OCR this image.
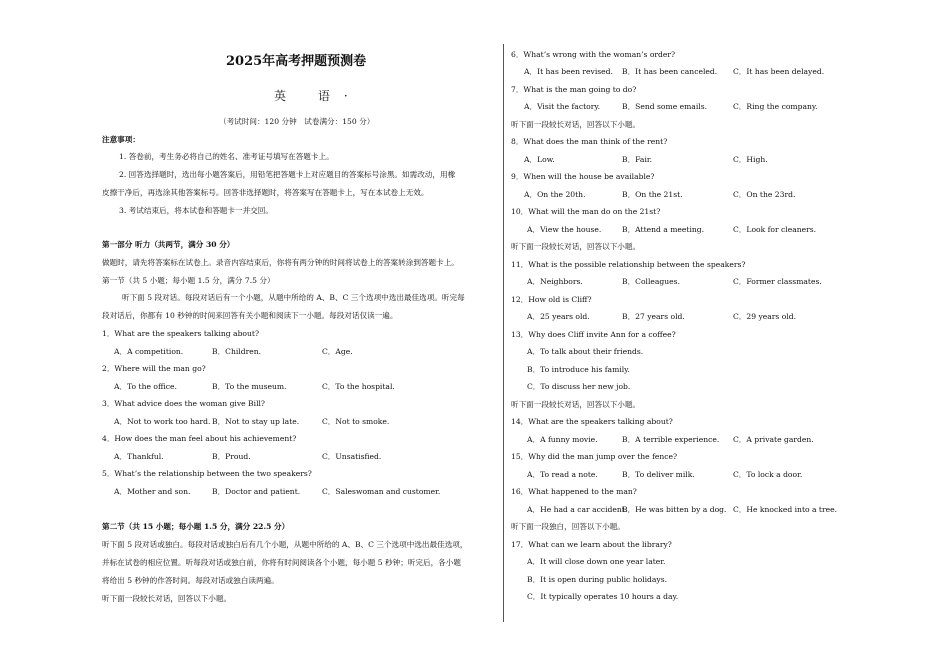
2025年高考押题预测卷
英 语·
（考试时间：120 分钟　试卷满分：150 分）
注意事项：
1. 答卷前，考生务必将自己的姓名、准考证号填写在答题卡上。
2. 回答选择题时，选出每小题答案后，用铅笔把答题卡上对应题目的答案标号涂黑。如需改动，用橡
皮擦干净后，再选涂其他答案标号。回答非选择题时，将答案写在答题卡上，写在本试卷上无效。
3. 考试结束后，将本试卷和答题卡一并交回。
第一部分 听力（共两节，满分 30 分）
做题时，请先将答案标在试卷上。录音内容结束后，你将有两分钟的时间将试卷上的答案转涂到答题卡上。
第一节（共 5 小题；每小题 1.5 分，满分 7.5 分）
听下面 5 段对话。每段对话后有一个小题，从题中所给的 A、B、C 三个选项中选出最佳选项。听完每
段对话后，你都有 10 秒钟的时间来回答有关小题和阅读下一小题。每段对话仅读一遍。
1．What are the speakers talking about?
A．A competition.	B．Children.	C．Age.
2．Where will the man go?
A．To the office.	B．To the museum.	C．To the hospital.
3．What advice does the woman give Bill?
A．Not to work too hard. B．Not to stay up late.	C．Not to smoke.
4．How does the man feel about his achievement?
A．Thankful.	B．Proud.	C．Unsatisfied.
5．What’s the relationship between the two speakers?
A．Mother and son.	B．Doctor and patient.	C．Saleswoman and customer.
第二节（共 15 小题；每小题 1.5 分，满分 22.5 分）
听下面 5 段对话或独白。每段对话或独白后有几个小题，从题中所给的 A、B、C 三个选项中选出最佳选项，
并标在试卷的相应位置。听每段对话或独白前，你将有时间阅读各个小题，每小题 5 秒钟；听完后，各小题
将给出 5 秒钟的作答时间。每段对话或独白读两遍。
听下面一段较长对话，回答以下小题。
6．What’s wrong with the woman’s order?
A．It has been revised. B．It has been canceled. C．It has been delayed.
7．What is the man going to do?
A．Visit the factory.	B．Send some emails.	C．Ring the company.
听下面一段较长对话，回答以下小题。
8．What does the man think of the rent?
A．Low.	B．Fair.	C．High.
9．When will the house be available?
A．On the 20th.	B．On the 21st.	C．On the 23rd.
10．What will the man do on the 21st?
A．View the house.	B．Attend a meeting.	C．Look for cleaners.
听下面一段较长对话，回答以下小题。
11．What is the possible relationship between the speakers?
A．Neighbors.	B．Colleagues.	C．Former classmates.
12．How old is Cliff?
A．25 years old.	B．27 years old.	C．29 years old.
13．Why does Cliff invite Ann for a coffee?
A．To talk about their friends.
B．To introduce his family.
C．To discuss her new job.
听下面一段较长对话，回答以下小题。
14．What are the speakers talking about?
A．A funny movie.	B．A terrible experience. C．A private garden.
15．Why did the man jump over the fence?
A．To read a note.	B．To deliver milk.	C．To lock a door.
16．What happened to the man?
A．He had a car accident.
B．He was bitten by a dog. C．He knocked into a tree.
听下面一段独白，回答以下小题。
17．What can we learn about the library?
A．It will close down one year later.
B．It is open during public holidays.
C．It typically operates 10 hours a day.
